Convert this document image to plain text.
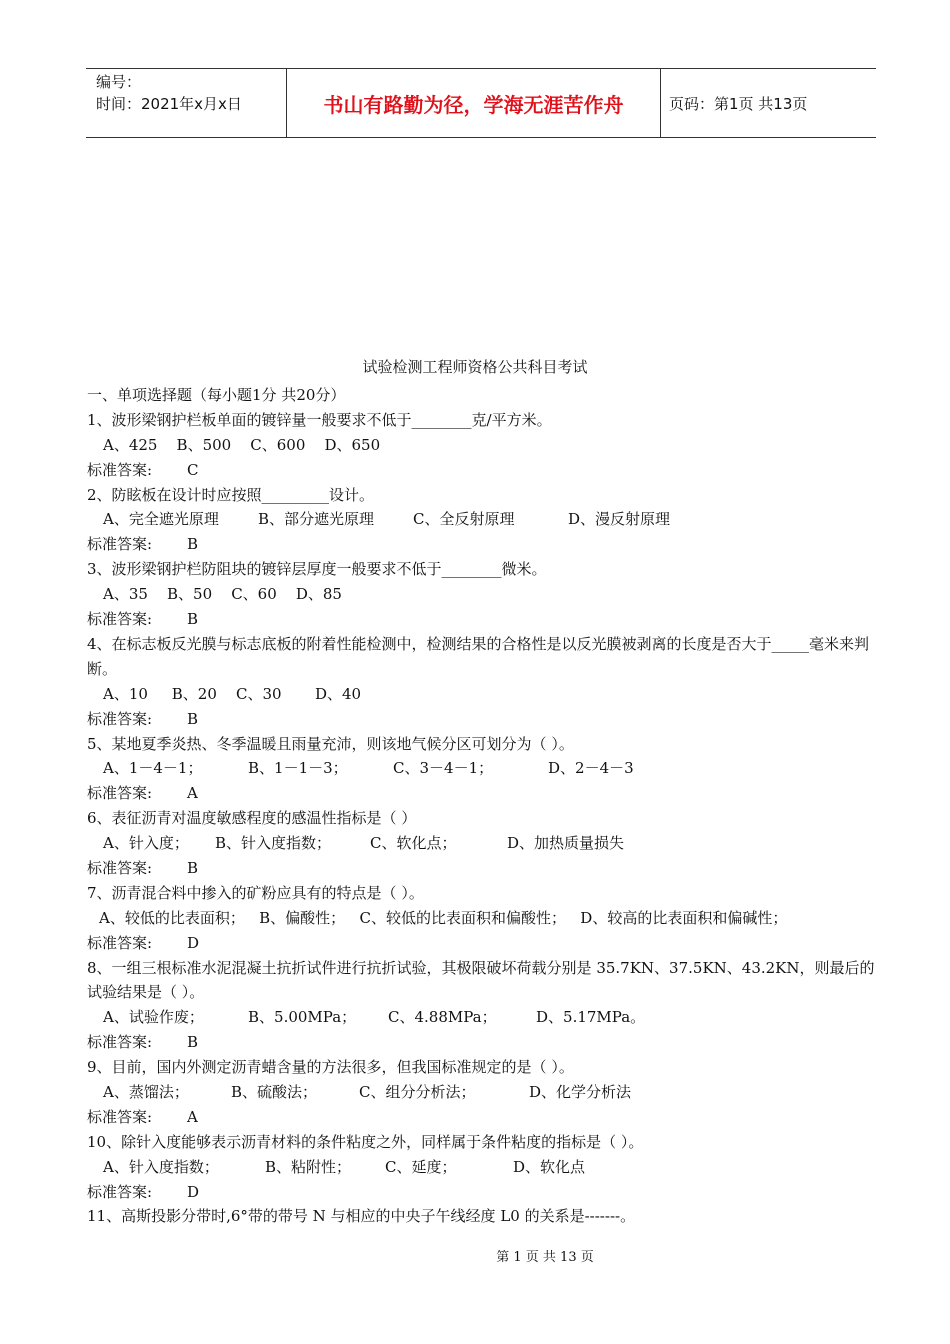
编号：
时间：2021年x月x日	书山有路勤为径，学海无涯苦作舟	页码：第1页 共13页
试验检测工程师资格公共科目考试
一、单项选择题（每小题1分 共20分）
1、波形梁钢护栏板单面的镀锌量一般要求不低于________克/平方米。
A、425 B、500 C、600 D、650
标准答案: C
2、防眩板在设计时应按照_________设计。
A、完全遮光原理	B、部分遮光原理	C、全反射原理	D、漫反射原理
标准答案: B
3、波形梁钢护栏防阻块的镀锌层厚度一般要求不低于________微米。
A、35 B、50 C、60 D、85
标准答案: B
4、在标志板反光膜与标志底板的附着性能检测中，检测结果的合格性是以反光膜被剥离的长度是否大于_____毫米来判断。
A、10 B、20 C、30 D、40
标准答案: B
5、某地夏季炎热、冬季温暖且雨量充沛，则该地气候分区可划分为（ ）。
A、1－4－1；	B、1－1－3；	C、3－4－1；	D、2－4－3
标准答案: A
6、表征沥青对温度敏感程度的感温性指标是（ ）
A、针入度； B、针入度指数；	C、软化点；	D、加热质量损失
标准答案: B
7、沥青混合料中掺入的矿粉应具有的特点是（ ）。
A、较低的比表面积； B、偏酸性； C、较低的比表面积和偏酸性； D、较高的比表面积和偏碱性；
标准答案: D
8、一组三根标准水泥混凝土抗折试件进行抗折试验，其极限破坏荷载分别是 35.7KN、37.5KN、43.2KN，则最后的试验结果是（ ）。
A、试验作废；	B、5.00MPa； C、4.88MPa；	D、5.17MPa。
标准答案: B
9、目前，国内外测定沥青蜡含量的方法很多，但我国标准规定的是（ ）。
A、蒸馏法；	B、硫酸法；	C、组分分析法；	D、化学分析法
标准答案: A
10、除针入度能够表示沥青材料的条件粘度之外，同样属于条件粘度的指标是（ ）。
A、针入度指数；	B、粘附性； C、延度；	D、软化点
标准答案: D
11、高斯投影分带时,6°带的带号 N 与相应的中央子午线经度 L0 的关系是-------。
第 1 页 共 13 页
